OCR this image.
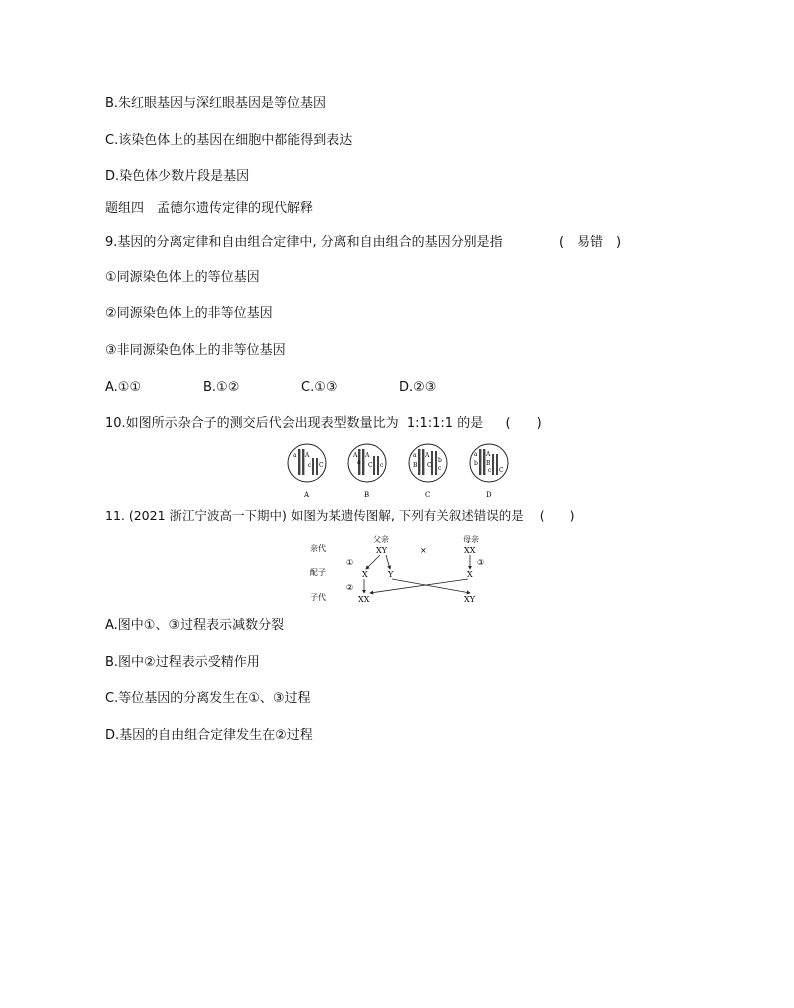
B.朱红眼基因与深红眼基因是等位基因
C.该染色体上的基因在细胞中都能得到表达
D.染色体少数片段是基因
题组四　孟德尔遗传定律的现代解释
9.基因的分离定律和自由组合定律中, 分离和自由组合的基因分别是指	(　易错　)
①同源染色体上的等位基因
②同源染色体上的非等位基因
③非同源染色体上的非等位基因
A.①①	B.①②	C.①③	D.②③
10.如图所示杂合子的测交后代会出现表型数量比为 1:1:1:1 的是 (　　)
a A
c C
A
A
a
A
C c
B
a A
B C
b
c
C
a A
b B
c C
D
11. (2021 浙江宁波高一下期中) 如图为某遗传图解, 下列有关叙述错误的是 (　　)
亲代
配子
子代
父亲
XY	×
母亲
XX
①	③
X	Y	X
②
XX	XY
A.图中①、③过程表示减数分裂
B.图中②过程表示受精作用
C.等位基因的分离发生在①、③过程
D.基因的自由组合定律发生在②过程
